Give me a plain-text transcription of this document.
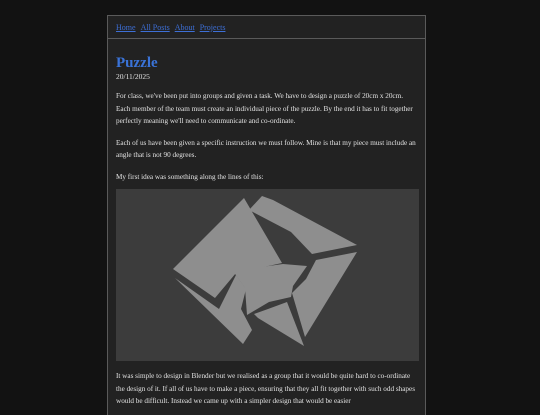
Home All Posts About Projects
Puzzle
20/11/2025

For class, we've been put into groups and given a task. We have to design a puzzle of 20cm x 20cm. Each member of the team must create an individual piece of the puzzle. By the end it has to fit together perfectly meaning we'll need to communicate and co-ordinate.

Each of us have been given a specific instruction we must follow. Mine is that my piece must include an angle that is not 90 degrees.

My first idea was something along the lines of this:

It was simple to design in Blender but we realised as a group that it would be quite hard to co-ordinate the design of it. If all of us have to make a piece, ensuring that they all fit together with such odd shapes would be difficult. Instead we came up with a simpler design that would be easier
